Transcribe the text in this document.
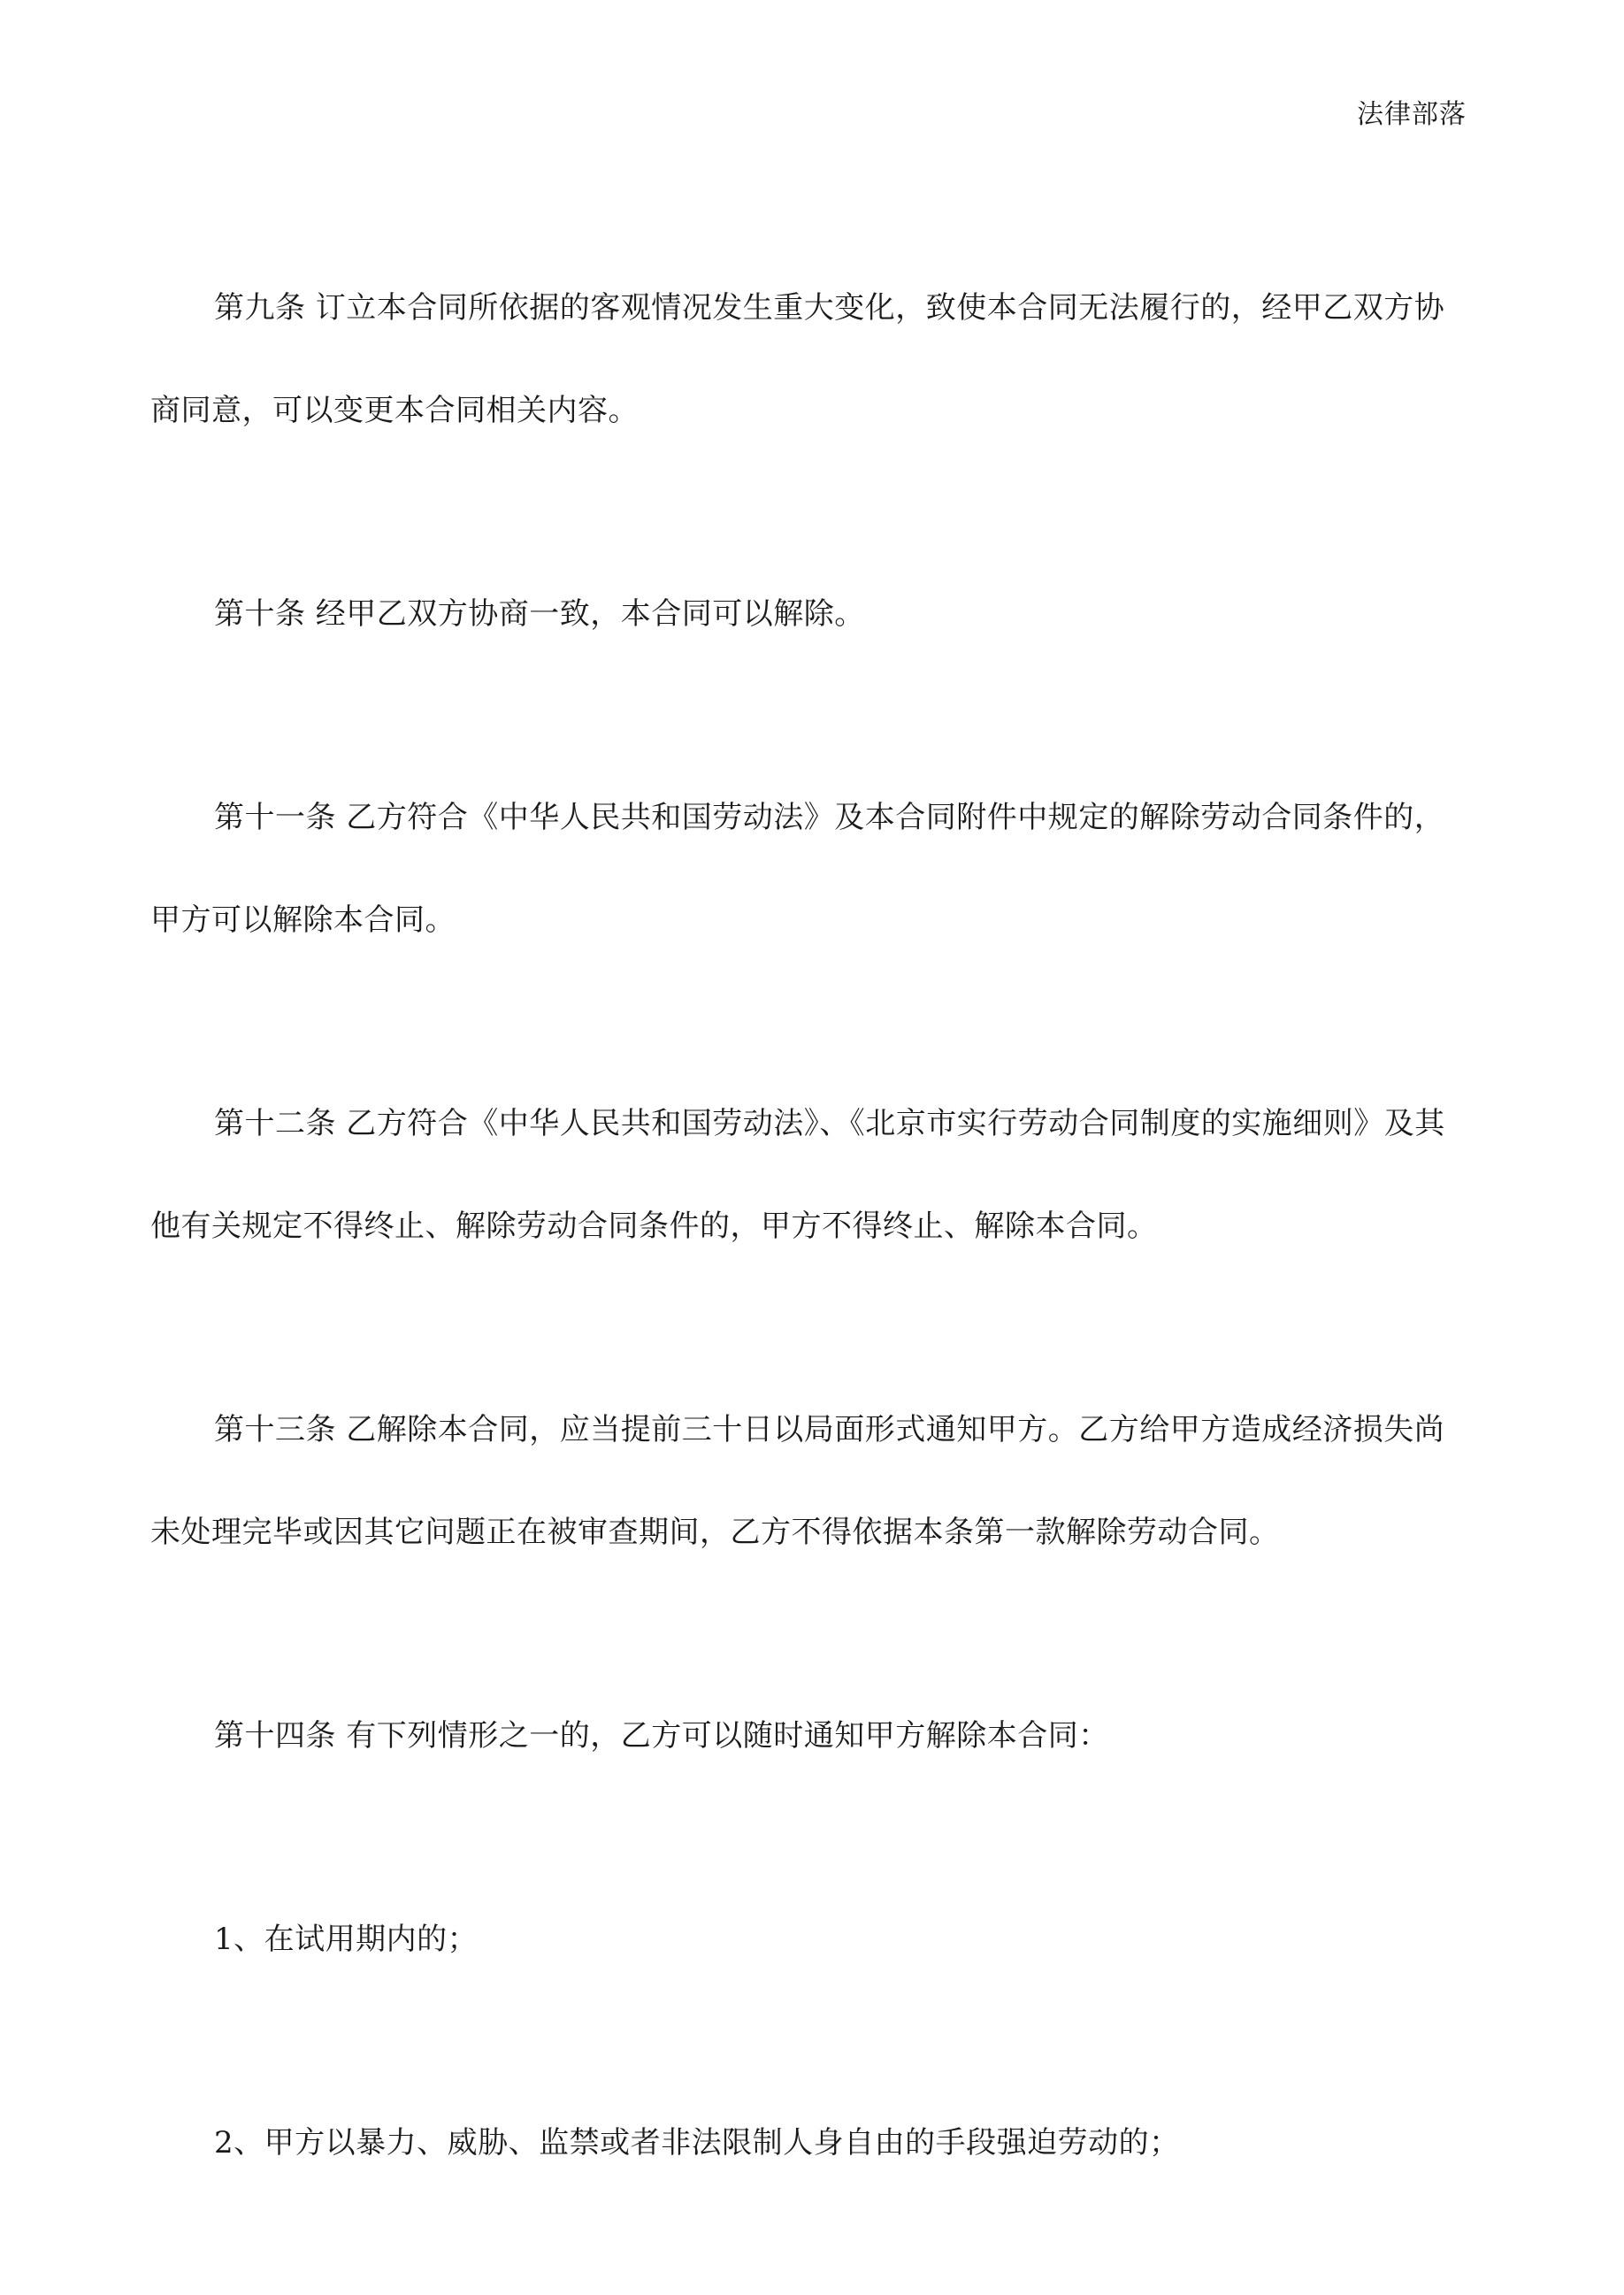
法律部落

第九条 订立本合同所依据的客观情况发生重大变化，致使本合同无法履行的，经甲乙双方协商同意，可以变更本合同相关内容。

第十条 经甲乙双方协商一致，本合同可以解除。

第十一条 乙方符合《中华人民共和国劳动法》及本合同附件中规定的解除劳动合同条件的，甲方可以解除本合同。

第十二条 乙方符合《中华人民共和国劳动法》、《北京市实行劳动合同制度的实施细则》及其他有关规定不得终止、解除劳动合同条件的，甲方不得终止、解除本合同。

第十三条 乙解除本合同，应当提前三十日以局面形式通知甲方。乙方给甲方造成经济损失尚未处理完毕或因其它问题正在被审查期间，乙方不得依据本条第一款解除劳动合同。

第十四条 有下列情形之一的，乙方可以随时通知甲方解除本合同：

1、在试用期内的；

2、甲方以暴力、威胁、监禁或者非法限制人身自由的手段强迫劳动的；
